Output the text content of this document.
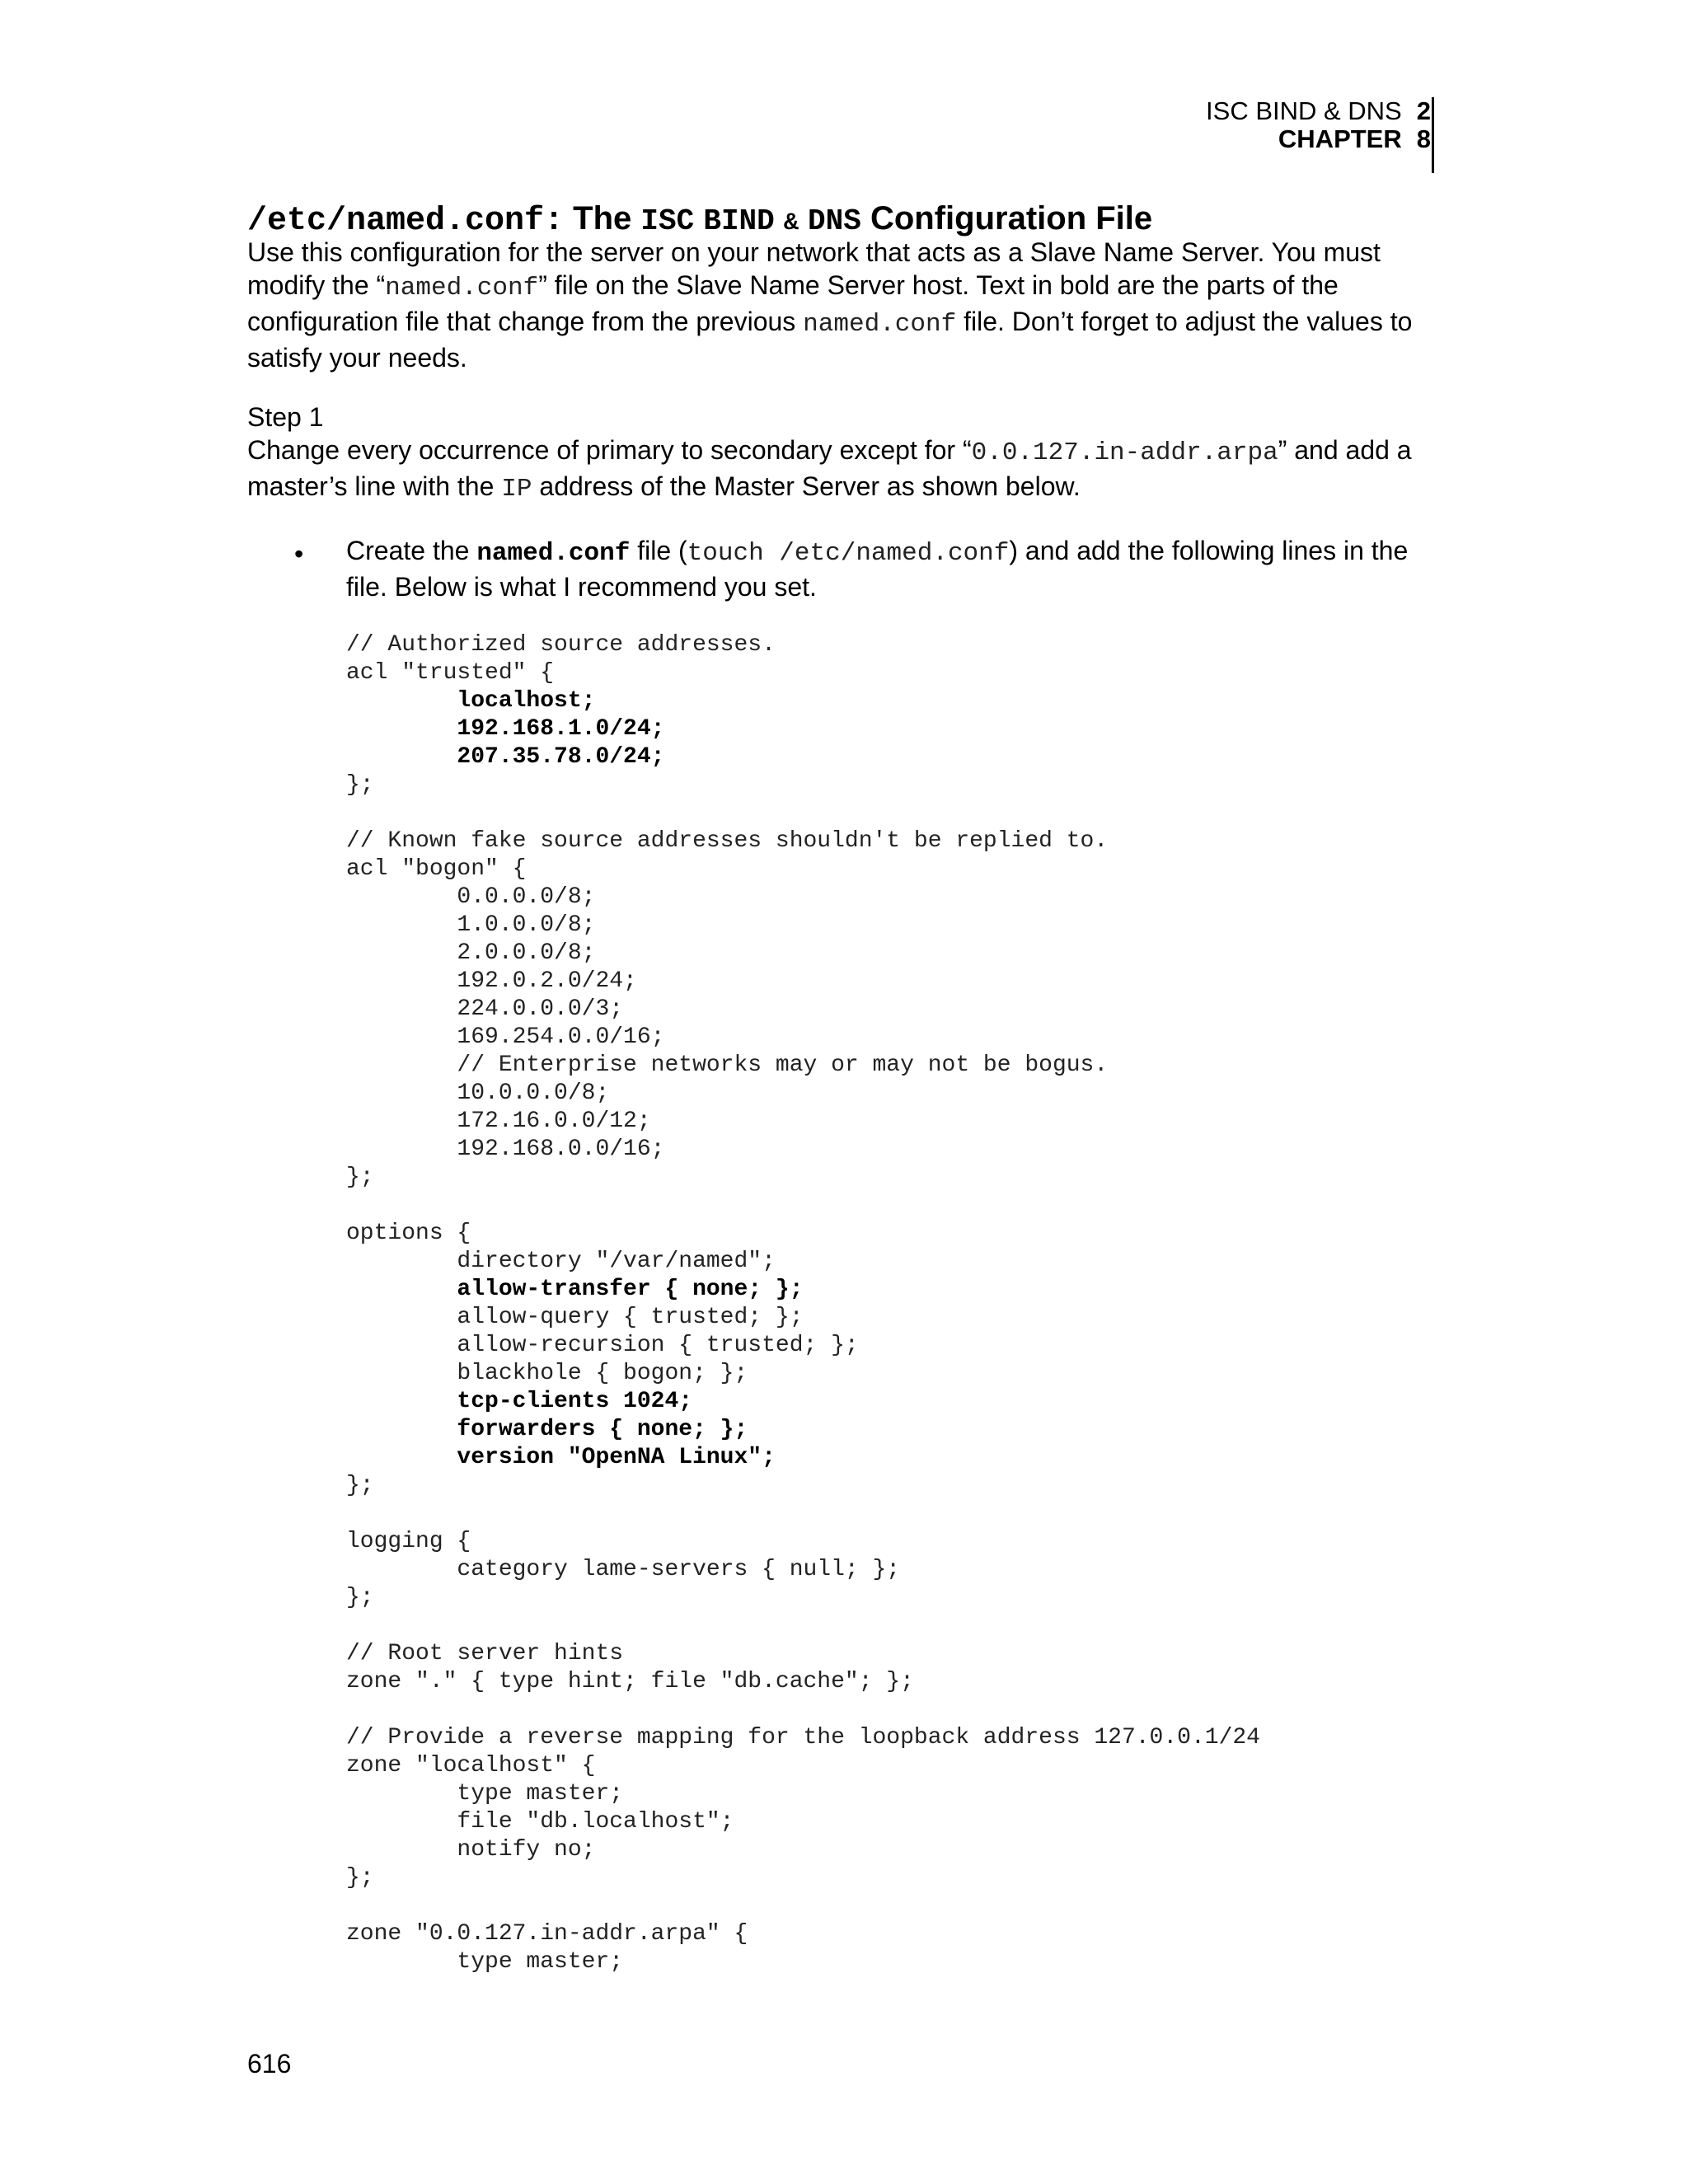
ISC BIND & DNS 2
CHAPTER 8
/etc/named.conf: The ISC BIND & DNS Configuration File
Use this configuration for the server on your network that acts as a Slave Name Server. You must modify the “named.conf” file on the Slave Name Server host. Text in bold are the parts of the configuration file that change from the previous named.conf file. Don’t forget to adjust the values to satisfy your needs.
Step 1
Change every occurrence of primary to secondary except for “0.0.127.in-addr.arpa” and add a master’s line with the IP address of the Master Server as shown below.
• Create the named.conf file (touch /etc/named.conf) and add the following lines in the file. Below is what I recommend you set.
// Authorized source addresses.
acl "trusted" {
localhost;
192.168.1.0/24;
207.35.78.0/24;
};
// Known fake source addresses shouldn't be replied to.
acl "bogon" {
0.0.0.0/8;
1.0.0.0/8;
2.0.0.0/8;
192.0.2.0/24;
224.0.0.0/3;
169.254.0.0/16;
// Enterprise networks may or may not be bogus.
10.0.0.0/8;
172.16.0.0/12;
192.168.0.0/16;
};
options {
directory "/var/named";
allow-transfer { none; };
allow-query { trusted; };
allow-recursion { trusted; };
blackhole { bogon; };
tcp-clients 1024;
forwarders { none; };
version "OpenNA Linux";
};
logging {
category lame-servers { null; };
};
// Root server hints
zone "." { type hint; file "db.cache"; };
// Provide a reverse mapping for the loopback address 127.0.0.1/24
zone "localhost" {
type master;
file "db.localhost";
notify no;
};
zone "0.0.127.in-addr.arpa" {
type master;
616
